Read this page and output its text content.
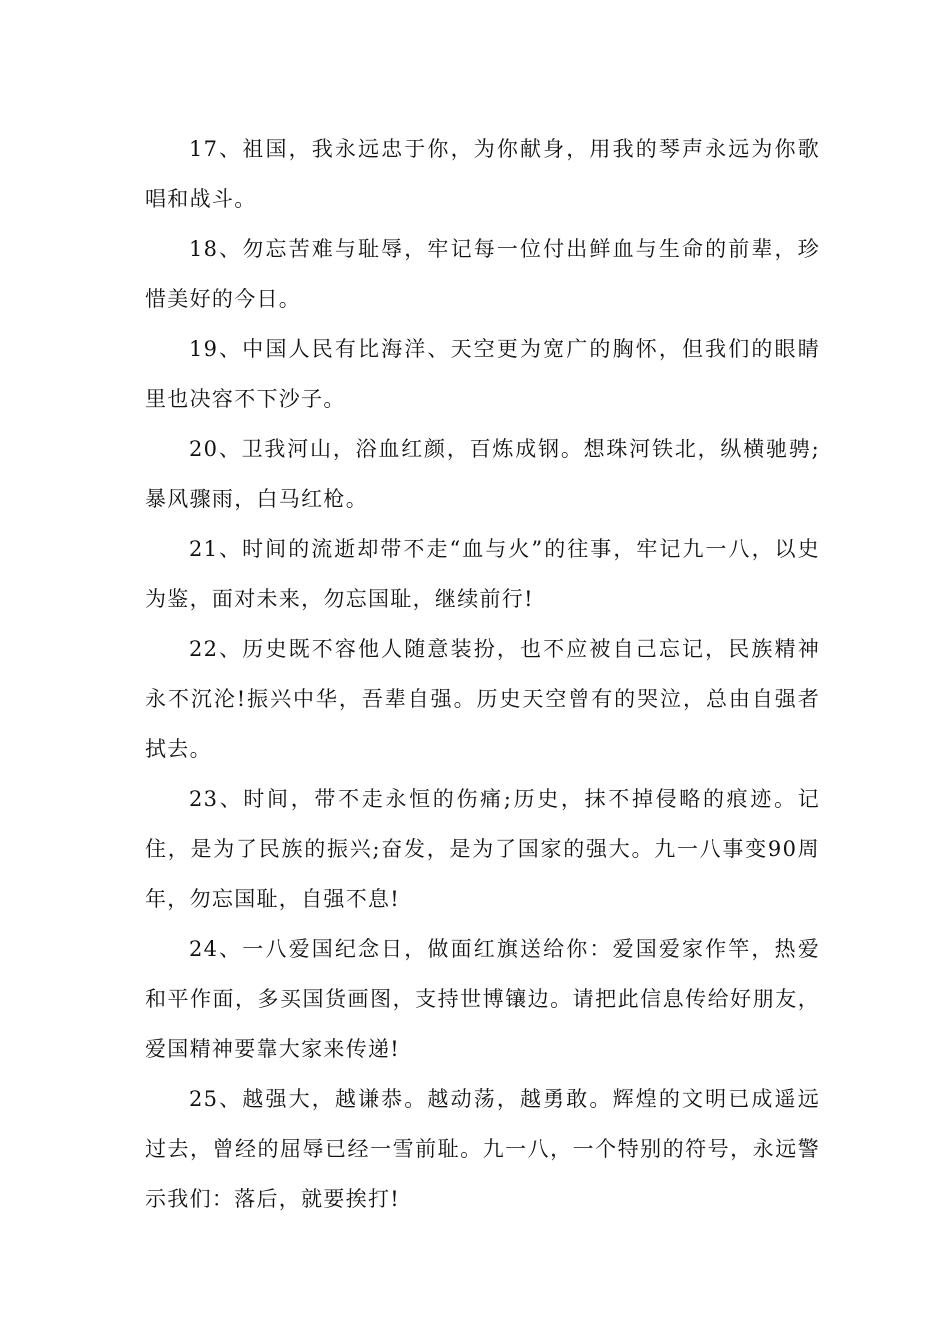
17、祖国，我永远忠于你，为你献身，用我的琴声永远为你歌唱和战斗。

18、勿忘苦难与耻辱，牢记每一位付出鲜血与生命的前辈，珍惜美好的今日。

19、中国人民有比海洋、天空更为宽广的胸怀，但我们的眼睛里也决容不下沙子。

20、卫我河山，浴血红颜，百炼成钢。想珠河铁北，纵横驰骋;暴风骤雨，白马红枪。

21、时间的流逝却带不走“血与火”的往事，牢记九一八，以史为鉴，面对未来，勿忘国耻，继续前行!

22、历史既不容他人随意装扮，也不应被自己忘记，民族精神永不沉沦!振兴中华，吾辈自强。历史天空曾有的哭泣，总由自强者拭去。

23、时间，带不走永恒的伤痛;历史，抹不掉侵略的痕迹。记住，是为了民族的振兴;奋发，是为了国家的强大。九一八事变90周年，勿忘国耻，自强不息!

24、一八爱国纪念日，做面红旗送给你：爱国爱家作竿，热爱和平作面，多买国货画图，支持世博镶边。请把此信息传给好朋友，爱国精神要靠大家来传递!

25、越强大，越谦恭。越动荡，越勇敢。辉煌的文明已成遥远过去，曾经的屈辱已经一雪前耻。九一八，一个特别的符号，永远警示我们：落后，就要挨打!
